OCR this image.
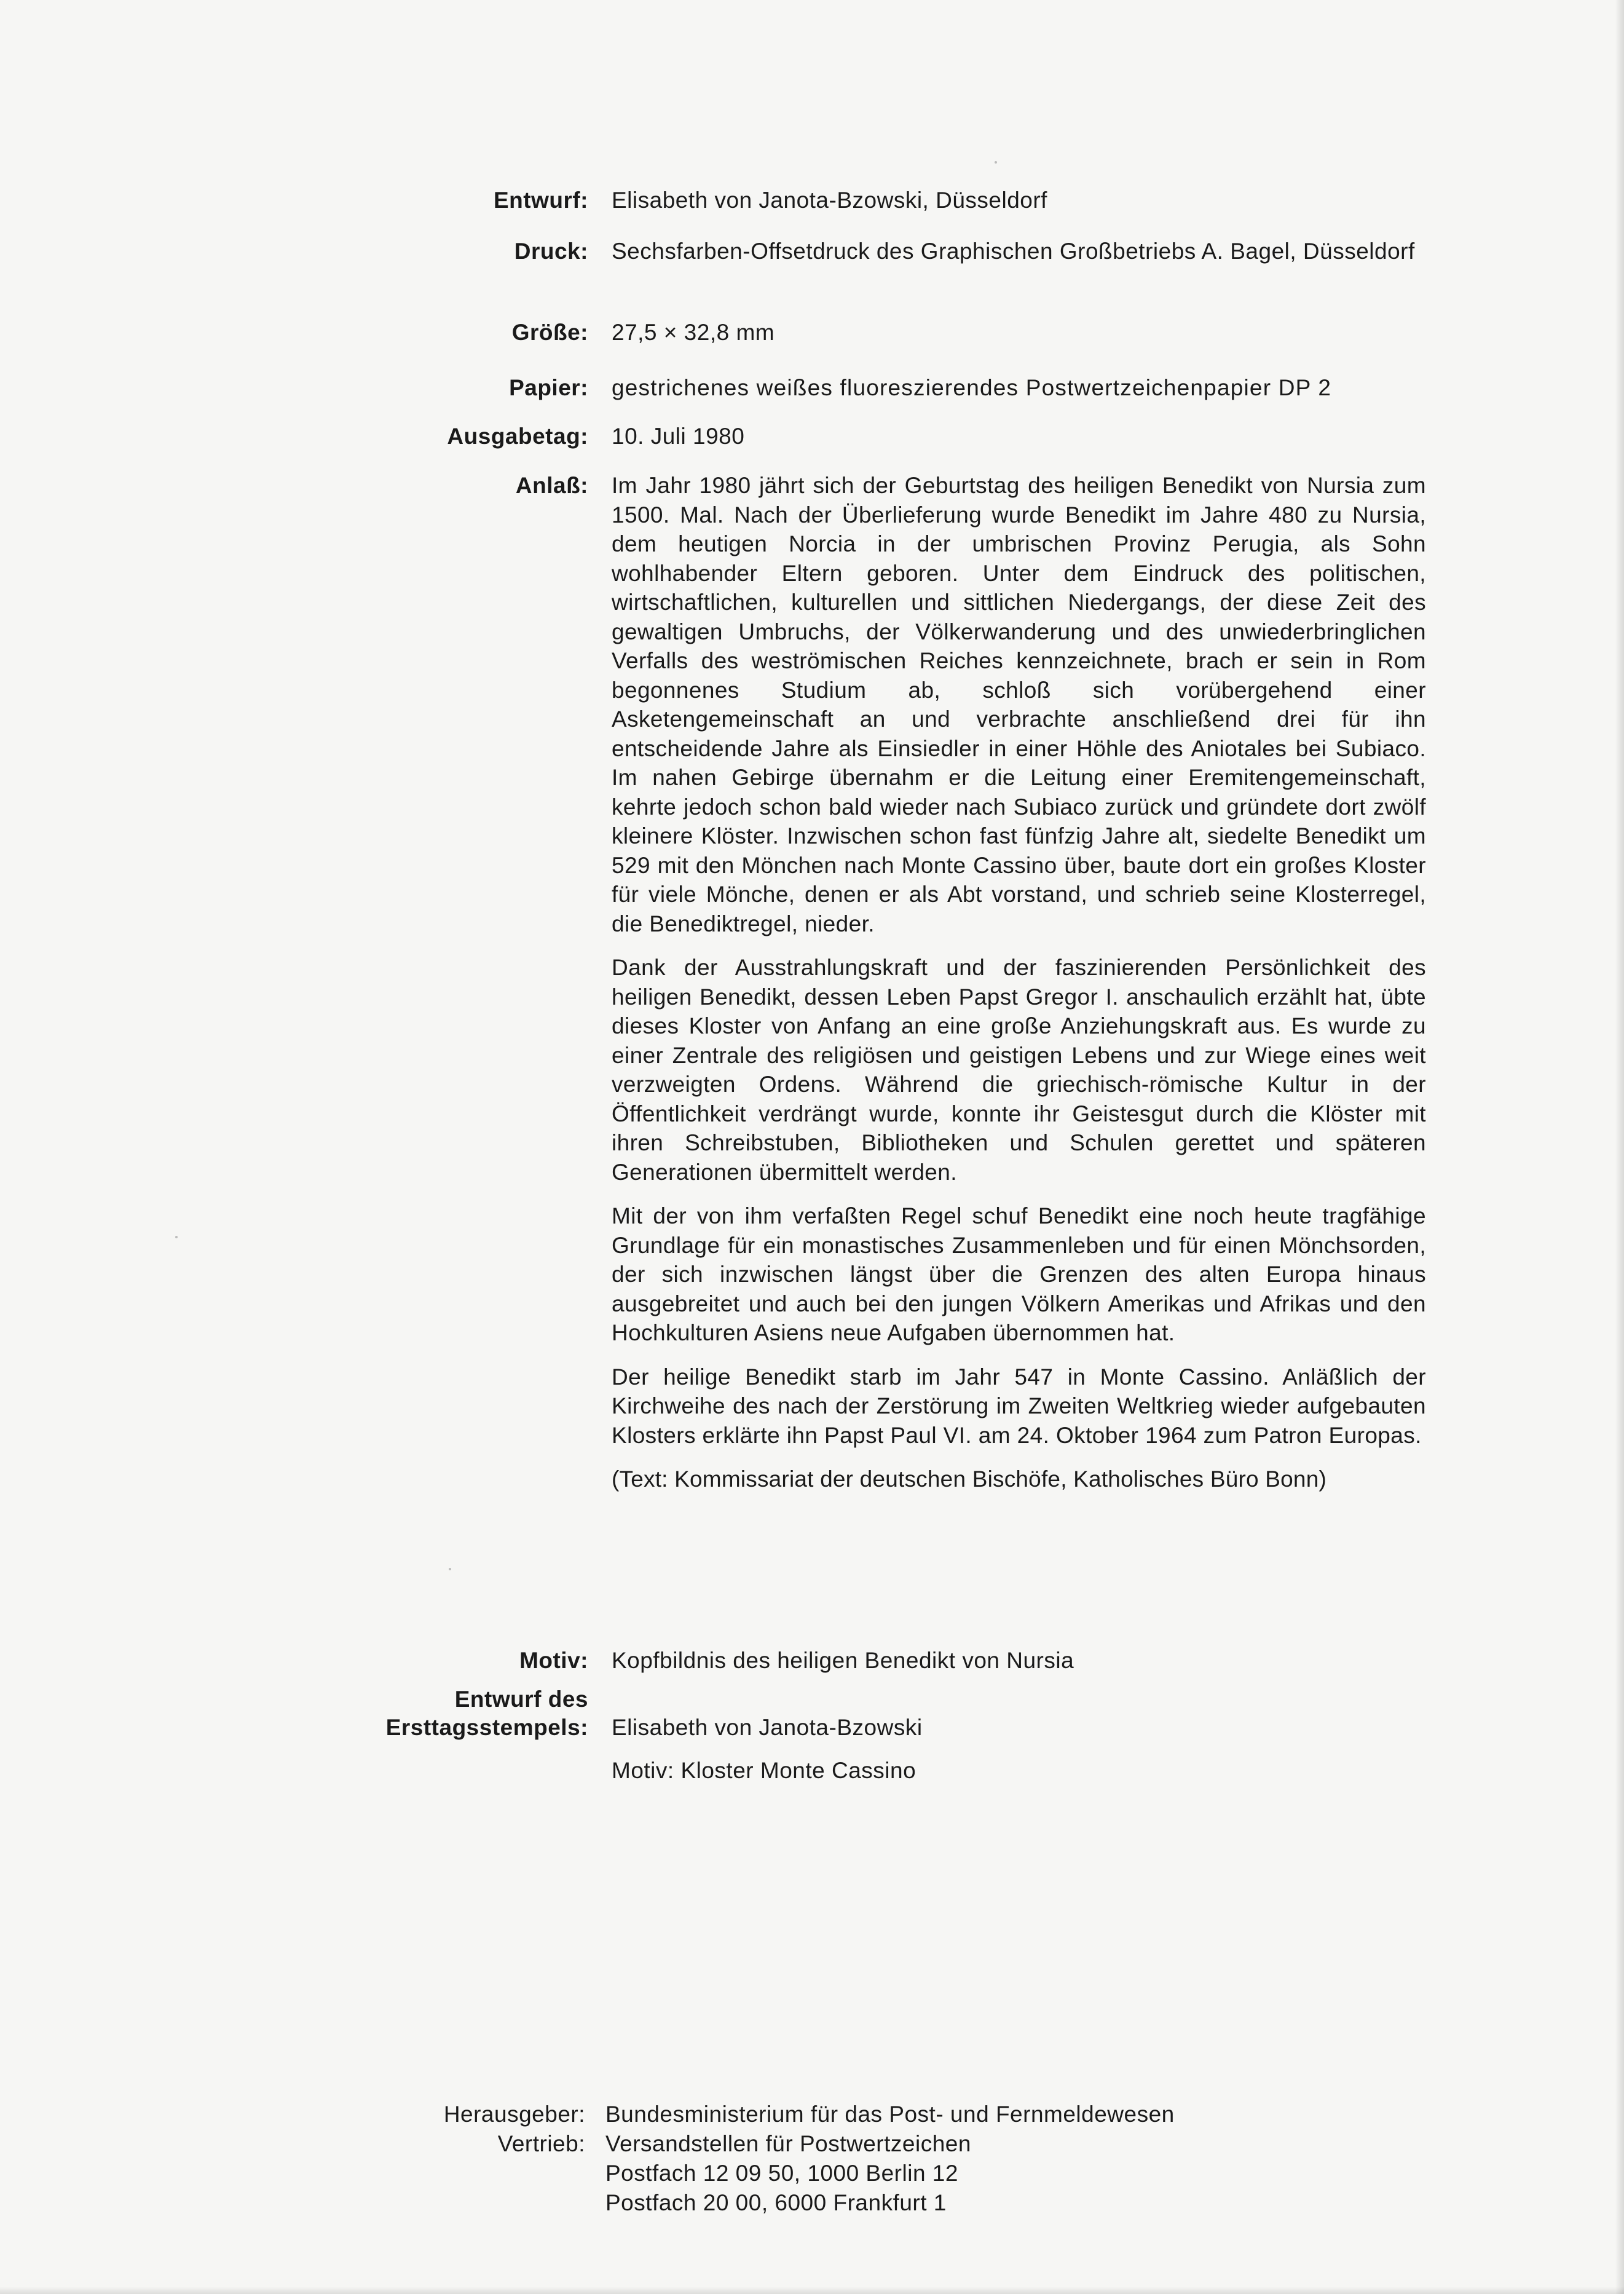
Entwurf: Elisabeth von Janota-Bzowski, Düsseldorf
Druck: Sechsfarben-Offsetdruck des Graphischen Großbetriebs A. Bagel, Düsseldorf
Größe: 27,5 × 32,8 mm
Papier: gestrichenes weißes fluoreszierendes Postwertzeichenpapier DP 2
Ausgabetag: 10. Juli 1980
Anlaß: Im Jahr 1980 jährt sich der Geburtstag des heiligen Benedikt von Nursia zum 1500. Mal. Nach der Überlieferung wurde Benedikt im Jahre 480 zu Nursia, dem heutigen Norcia in der umbrischen Provinz Perugia, als Sohn wohlhabender Eltern geboren. Unter dem Eindruck des politischen, wirtschaftlichen, kulturellen und sittlichen Niedergangs, der diese Zeit des gewaltigen Umbruchs, der Völkerwanderung und des unwiederbringlichen Verfalls des weströmischen Reiches kennzeichnete, brach er sein in Rom begonnenes Studium ab, schloß sich vorübergehend einer Asketengemeinschaft an und verbrachte anschließend drei für ihn entscheidende Jahre als Einsiedler in einer Höhle des Aniotales bei Subiaco. Im nahen Gebirge übernahm er die Leitung einer Eremitengemeinschaft, kehrte jedoch schon bald wieder nach Subiaco zurück und gründete dort zwölf kleinere Klöster. Inzwischen schon fast fünfzig Jahre alt, siedelte Benedikt um 529 mit den Mönchen nach Monte Cassino über, baute dort ein großes Kloster für viele Mönche, denen er als Abt vorstand, und schrieb seine Klosterregel, die Benediktregel, nieder.

Dank der Ausstrahlungskraft und der faszinierenden Persönlichkeit des heiligen Benedikt, dessen Leben Papst Gregor I. anschaulich erzählt hat, übte dieses Kloster von Anfang an eine große Anziehungskraft aus. Es wurde zu einer Zentrale des religiösen und geistigen Lebens und zur Wiege eines weit verzweigten Ordens. Während die griechisch-römische Kultur in der Öffentlichkeit verdrängt wurde, konnte ihr Geistesgut durch die Klöster mit ihren Schreibstuben, Bibliotheken und Schulen gerettet und späteren Generationen übermittelt werden.

Mit der von ihm verfaßten Regel schuf Benedikt eine noch heute tragfähige Grundlage für ein monastisches Zusammenleben und für einen Mönchsorden, der sich inzwischen längst über die Grenzen des alten Europa hinaus ausgebreitet und auch bei den jungen Völkern Amerikas und Afrikas und den Hochkulturen Asiens neue Aufgaben übernommen hat.

Der heilige Benedikt starb im Jahr 547 in Monte Cassino. Anläßlich der Kirchweihe des nach der Zerstörung im Zweiten Weltkrieg wieder aufgebauten Klosters erklärte ihn Papst Paul VI. am 24. Oktober 1964 zum Patron Europas.

(Text: Kommissariat der deutschen Bischöfe, Katholisches Büro Bonn)

Motiv: Kopfbildnis des heiligen Benedikt von Nursia
Entwurf des
Ersttagsstempels: Elisabeth von Janota-Bzowski
Motiv: Kloster Monte Cassino
Herausgeber: Bundesministerium für das Post- und Fernmeldewesen
Vertrieb: Versandstellen für Postwertzeichen
Postfach 12 09 50, 1000 Berlin 12
Postfach 20 00, 6000 Frankfurt 1
